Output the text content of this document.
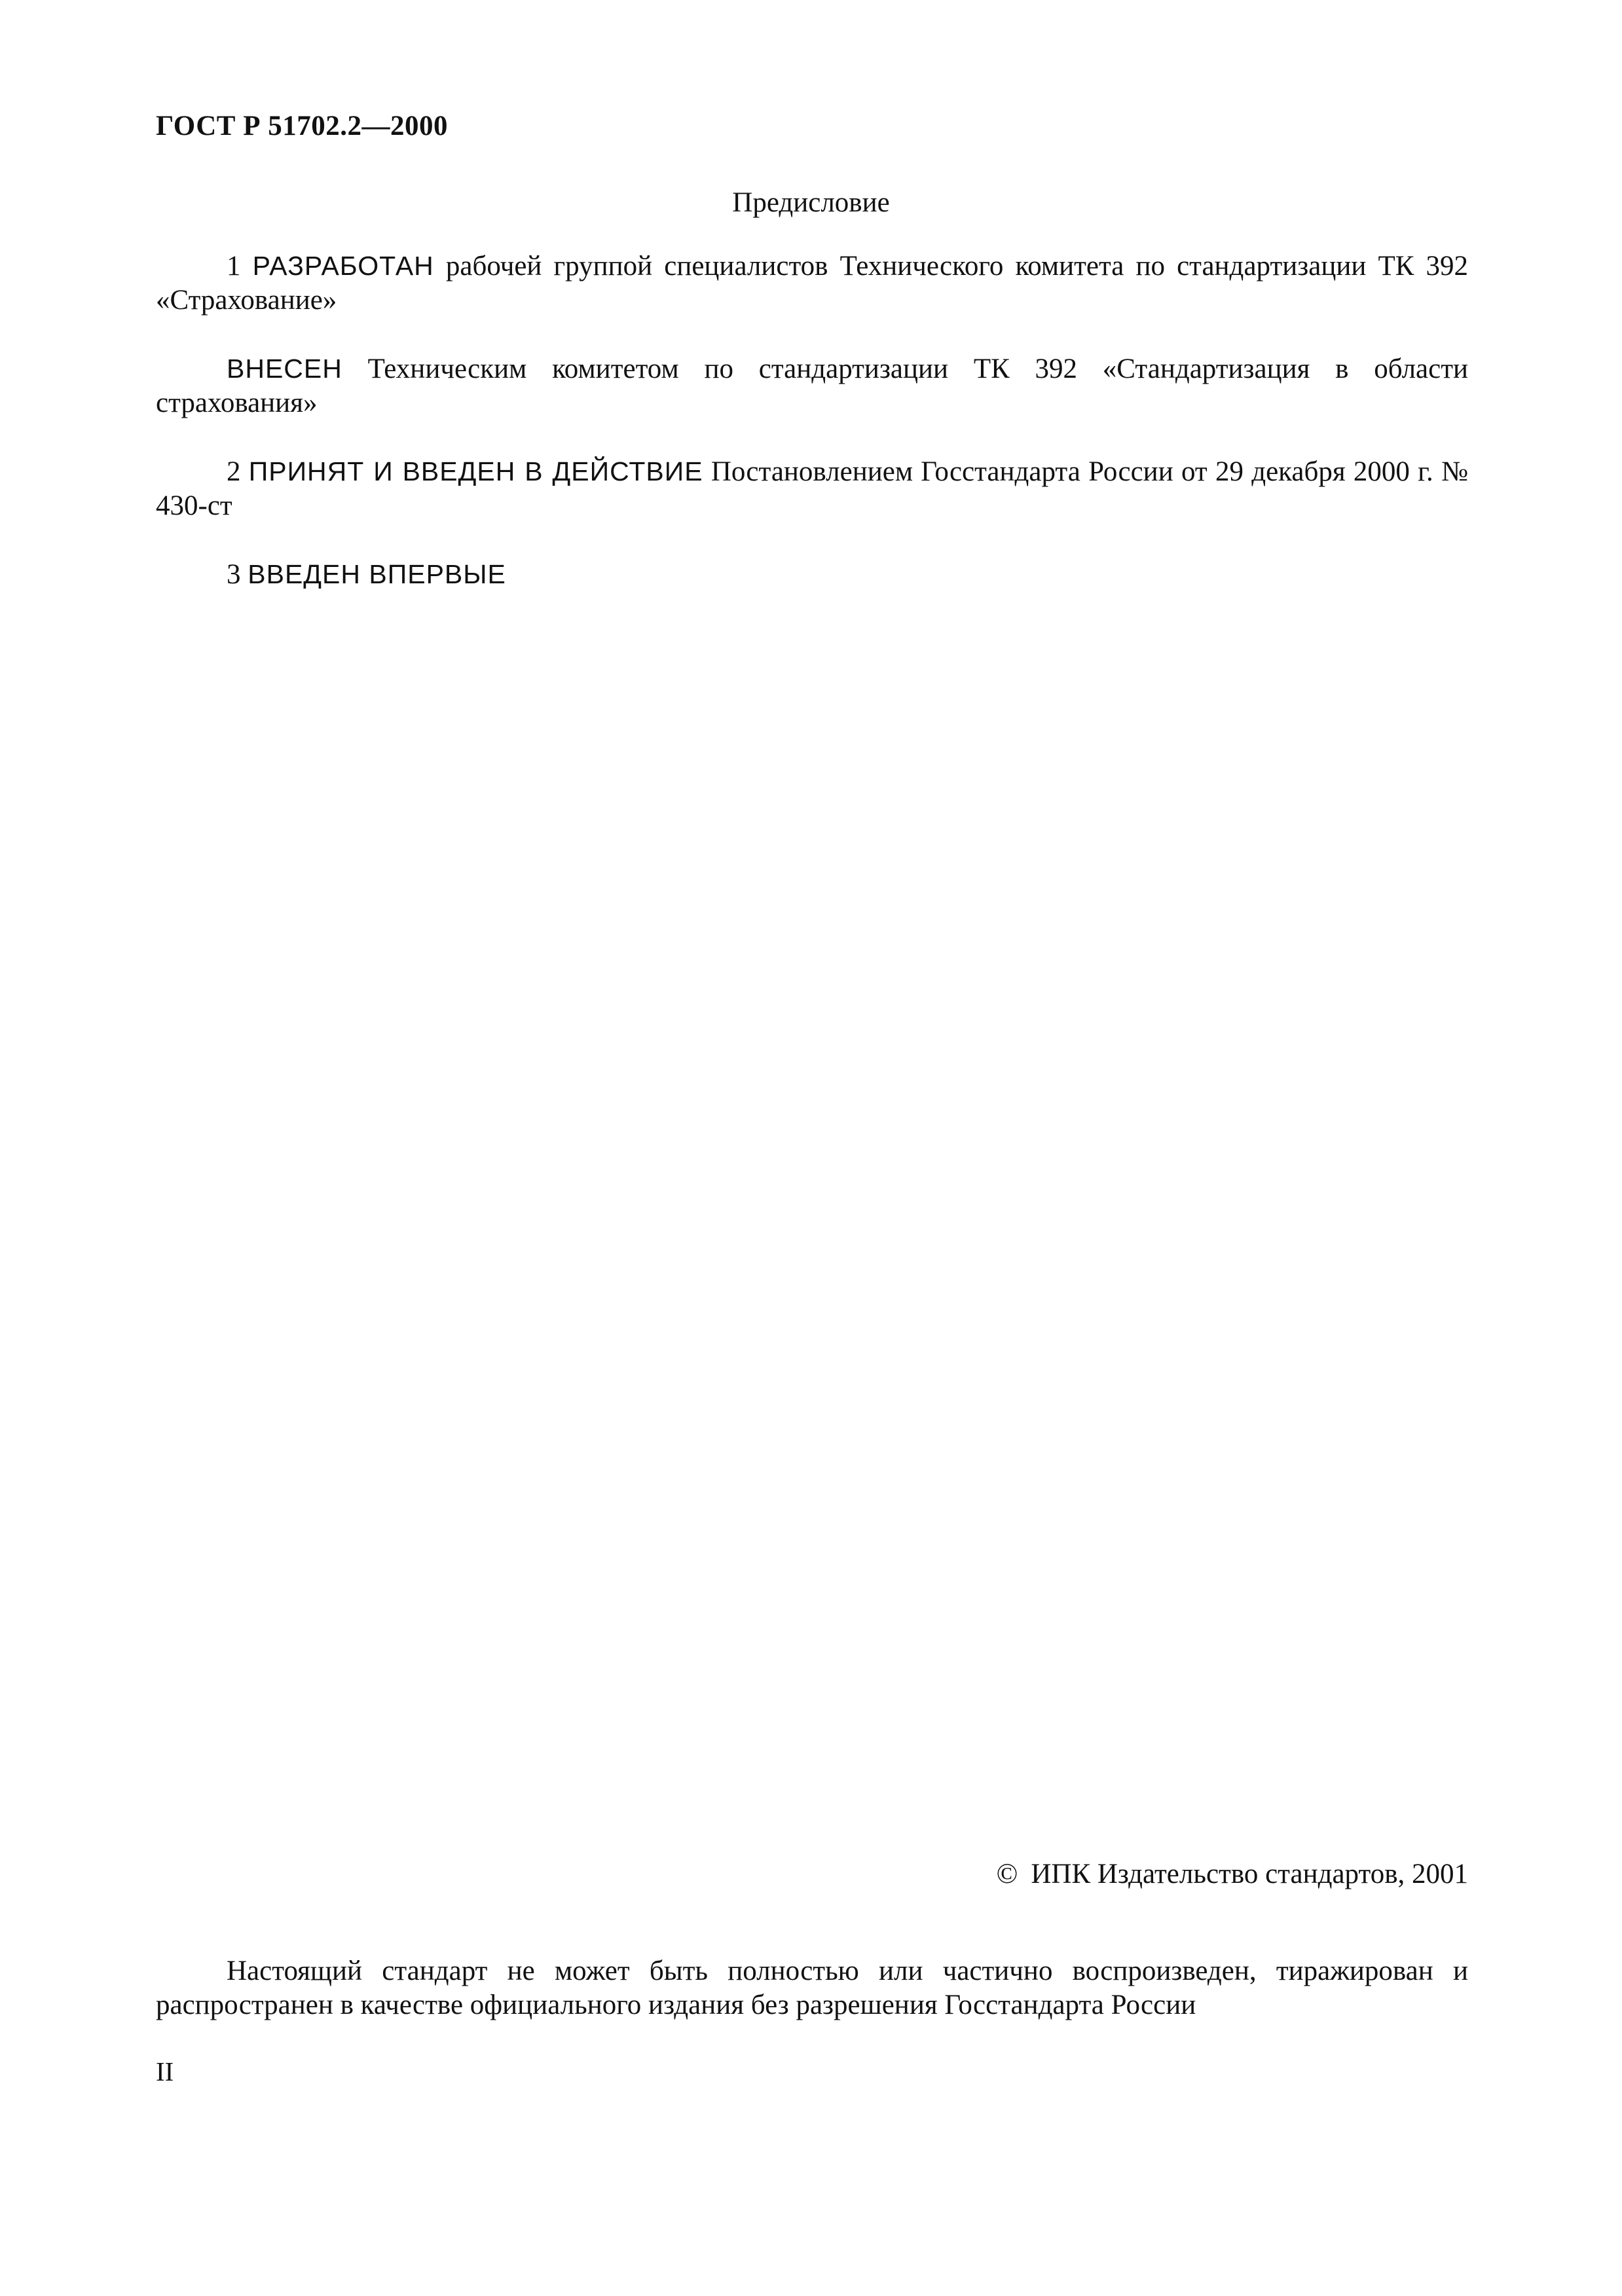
ГОСТ Р 51702.2—2000
Предисловие

1 РАЗРАБОТАН рабочей группой специалистов Технического комитета по стандартизации ТК 392 «Страхование»

ВНЕСЕН Техническим комитетом по стандартизации ТК 392 «Стандартизация в области страхования»

2 ПРИНЯТ И ВВЕДЕН В ДЕЙСТВИЕ Постановлением Госстандарта России от 29 декабря 2000 г. № 430-ст

3 ВВЕДЕН ВПЕРВЫЕ

© ИПК Издательство стандартов, 2001
Настоящий стандарт не может быть полностью или частично воспроизведен, тиражирован и распространен в качестве официального издания без разрешения Госстандарта России
II
